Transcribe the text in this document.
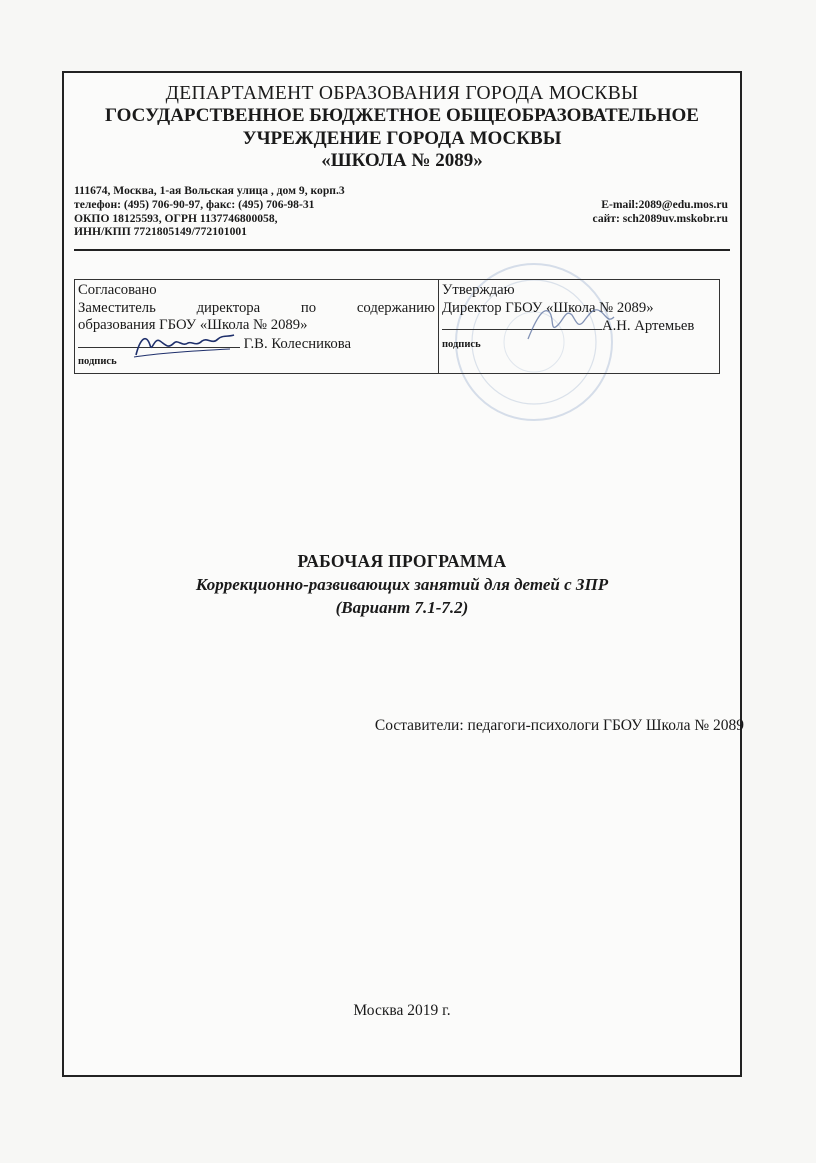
ДЕПАРТАМЕНТ ОБРАЗОВАНИЯ ГОРОДА МОСКВЫ
ГОСУДАРСТВЕННОЕ БЮДЖЕТНОЕ ОБЩЕОБРАЗОВАТЕЛЬНОЕ
УЧРЕЖДЕНИЕ ГОРОДА МОСКВЫ
«ШКОЛА № 2089»
111674, Москва, 1-ая Вольская улица , дом 9, корп.3
телефон: (495) 706-90-97, факс: (495) 706-98-31
ОКПО 18125593, ОГРН 1137746800058,
ИНН/КПП 7721805149/772101001
E-mail:2089@edu.mos.ru
сайт: sch2089uv.mskobr.ru
Согласовано
Заместитель	директора	по	содержанию
образования ГБОУ «Школа № 2089»
Г.В. Колесникова
подпись

Утверждаю
Директор ГБОУ «Школа № 2089»
А.Н. Артемьев
подпись
РАБОЧАЯ ПРОГРАММА
Коррекционно-развивающих занятий для детей с ЗПР
(Вариант 7.1-7.2)
Составители: педагоги-психологи ГБОУ Школа № 2089
Москва 2019 г.
